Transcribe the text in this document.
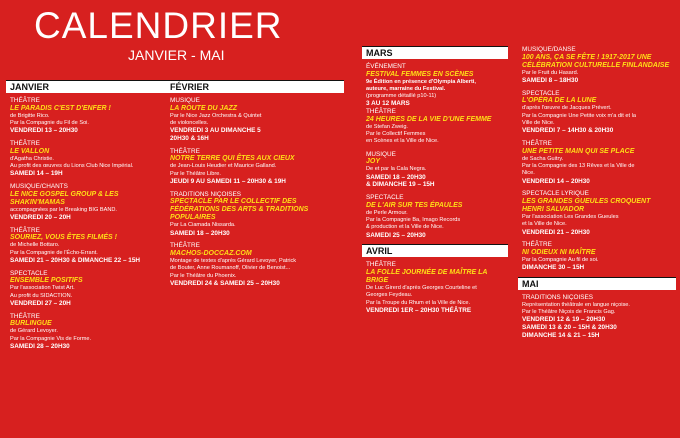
CALENDRIER
JANVIER - MAI
JANVIER
THÉÂTRE
LE PARADIS C'EST D'ENFER !
de Brigitte Rico.
Par la Compagnie du Fil de Soi.
VENDREDI 13 – 20H30
THÉÂTRE
LE VALLON
d'Agatha Christie.
Au profit des œuvres du Lions Club Nice Impérial.
SAMEDI 14 – 19H
MUSIQUE/CHANTS
LE NICE GOSPEL GROUP & LES SHAKIN'MAMAS
accompagnées par le Breaking BIG BAND.
VENDREDI 20 – 20H
THÉÂTRE
SOURIEZ, VOUS ÊTES FILMÉS !
de Michelle Bottaro.
Par la Compagnie de l'Écho-Errant.
SAMEDI 21 – 20H30 & DIMANCHE 22 – 15H
SPECTACLE
ENSEMBLE POSITIFS
Par l'association Twist Art.
Au profit du SIDACTION.
VENDREDI 27 – 20H
THÉÂTRE
BURLINGUE
de Gérard Levoyer.
Par la Compagnie Vis de Forme.
SAMEDI 28 – 20H30
FÉVRIER
MUSIQUE
LA ROUTE DU JAZZ
Par le Nice Jazz Orchestra & Quintet
de violoncelles.
VENDREDI 3 AU DIMANCHE 5
20H30 & 16H
THÉÂTRE
NOTRE TERRE QUI ÊTES AUX CIEUX
de Jean-Louis Heudier et Maurice Galland.
Par le Théâtre Libre.
JEUDI 9 AU SAMEDI 11 – 20H30 & 19H
TRADITIONS NIÇOISES
SPECTACLE PAR LE COLLECTIF DES FÉDÉRATIONS DES ARTS & TRADITIONS POPULAIRES
Par La Ciamada Nissarda.
SAMEDI 18 – 20H30
THÉÂTRE
MACHOS-DOCCAZ.COM
Montage de textes d'après Gérard Levoyer, Patrick
de Bouter, Anne Roumanoff, Olivier de Benoist...
Par le Théâtre du Phoenix.
VENDREDI 24 & SAMEDI 25 – 20H30
MARS
ÉVÉNEMENT
FESTIVAL FEMMES EN SCÈNES
9e Édition en présence d'Olympia Alberti,
auteure, marraine du Festival.
(programme détaillé p10-11)
3 AU 12 MARS
THÉÂTRE
24 HEURES DE LA VIE D'UNE FEMME
de Stefan Zweig.
Par le Collectif Femmes
en Scènes et la Ville de Nice.
MUSIQUE
JOY
De et par la Cala Negra.
SAMEDI 18 – 20H30
& DIMANCHE 19 – 15H
SPECTACLE
DE L'AIR SUR TES ÉPAULES
de Perle Armour.
Par la Compagnie Ba, Imago Records
& production et la Ville de Nice.
SAMEDI 25 – 20H30
AVRIL
THÉÂTRE
LA FOLLE JOURNÉE DE MAÎTRE LA BRIGE
De Luc Girerd d'après Georges Courteline et
Georges Feydeau.
Par la Troupe du Rhum et la Ville de Nice.
VENDREDI 1ER – 20H30 THÉÂTRE
MUSIQUE/DANSE
100 ANS, ÇA SE FÊTE ! 1917-2017 UNE CÉLÉBRATION CULTURELLE FINLANDAISE
Par le Fruit du Hasard.
SAMEDI 8 – 18H30
SPECTACLE
L'OPÉRA DE LA LUNE
d'après l'œuvre de Jacques Prévert.
Par la Compagnie Une Petite voix m'a dit et la
Ville de Nice.
VENDREDI 7 – 14H30 & 20H30
THÉÂTRE
UNE PETITE MAIN QUI SE PLACE
de Sacha Guitry.
Par la Compagnie des 13 Rêves et la Ville de
Nice.
VENDREDI 14 – 20H30
SPECTACLE LYRIQUE
LES GRANDES GUEULES CROQUENT HENRI SALVADOR
Par l'association Les Grandes Gueules
et la Ville de Nice.
VENDREDI 21 – 20H30
THÉÂTRE
NI ODIEUX NI MAÎTRE
Par la Compagnie Au fil de soi.
DIMANCHE 30 – 15H
MAI
TRADITIONS NIÇOISES
Représentation théâtrale en langue niçoise.
Par le Théâtre Niçois de Francis Gag.
VENDREDI 12 & 19 – 20H30
SAMEDI 13 & 20 – 15H & 20H30
DIMANCHE 14 & 21 – 15H
